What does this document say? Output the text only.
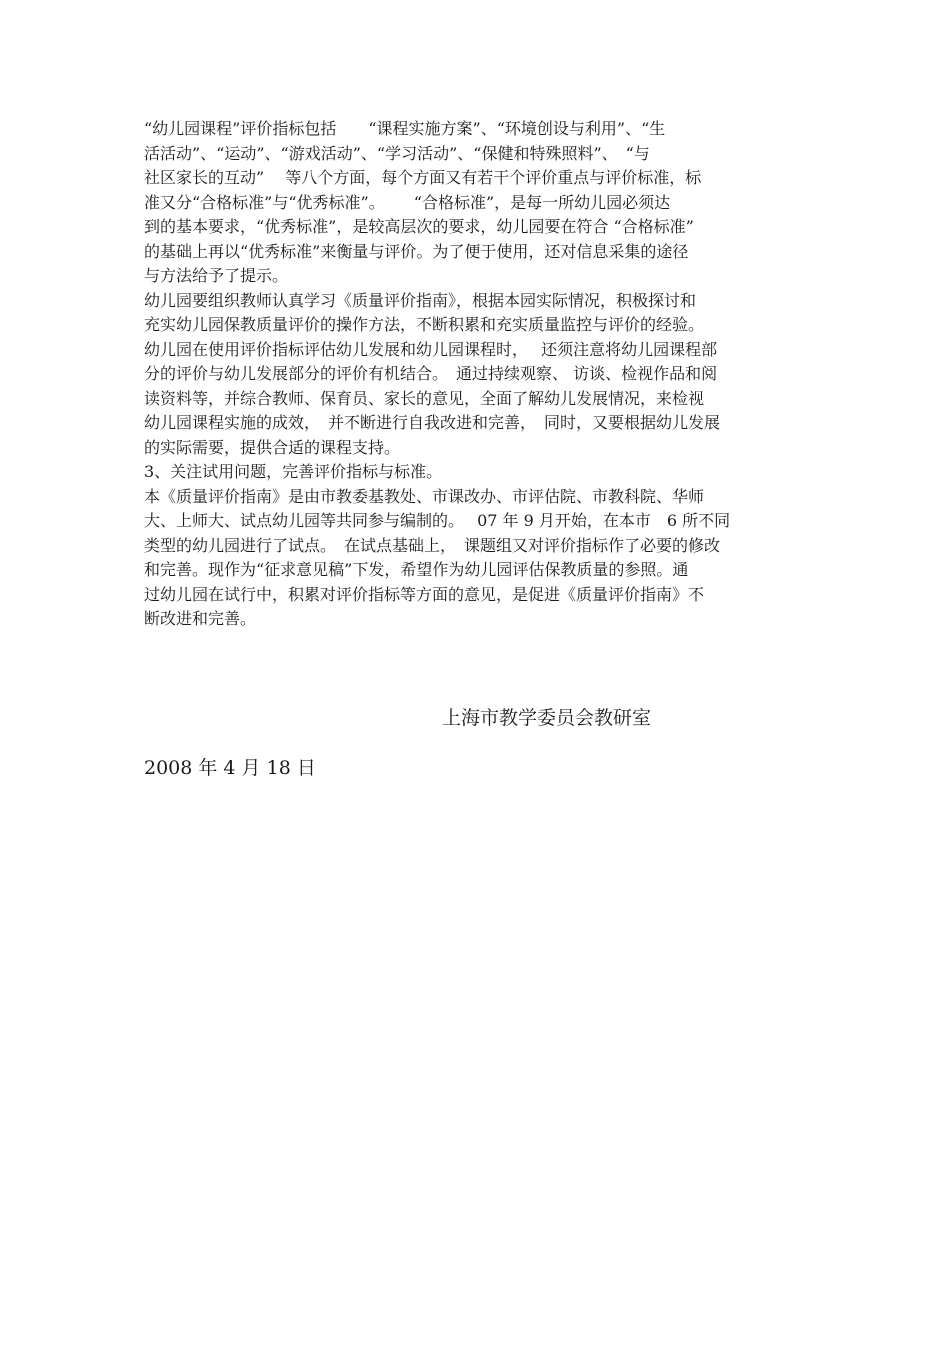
“幼儿园课程”评价指标包括　　“课程实施方案”、“环境创设与利用”、“生
活活动”、“运动”、“游戏活动”、“学习活动”、“保健和特殊照料”、　“与
社区家长的互动”　 等八个方面，每个方面又有若干个评价重点与评价标准，标
准又分“合格标准”与“优秀标准”。　　 “合格标准”，是每一所幼儿园必须达
到的基本要求，“优秀标准”，是较高层次的要求，幼儿园要在符合 “合格标准”
的基础上再以“优秀标准”来衡量与评价。为了便于使用，还对信息采集的途径
与方法给予了提示。
幼儿园要组织教师认真学习《质量评价指南》，根据本园实际情况，积极探讨和
充实幼儿园保教质量评价的操作方法，不断积累和充实质量监控与评价的经验。
幼儿园在使用评价指标评估幼儿发展和幼儿园课程时，　 还须注意将幼儿园课程部
分的评价与幼儿发展部分的评价有机结合。　通过持续观察、 访谈、检视作品和阅
读资料等，并综合教师、保育员、家长的意见，全面了解幼儿发展情况，来检视
幼儿园课程实施的成效，　并不断进行自我改进和完善，　同时，又要根据幼儿发展
的实际需要，提供合适的课程支持。
3、关注试用问题，完善评价指标与标准。
本《质量评价指南》是由市教委基教处、市课改办、市评估院、市教科院、华师
大、上师大、试点幼儿园等共同参与编制的。　 07 年 9 月开始，在本市　6 所不同
类型的幼儿园进行了试点。　在试点基础上，　课题组又对评价指标作了必要的修改
和完善。现作为“征求意见稿”下发，希望作为幼儿园评估保教质量的参照。通
过幼儿园在试行中，积累对评价指标等方面的意见，是促进《质量评价指南》不
断改进和完善。
上海市教学委员会教研室
2008 年 4 月 18 日
